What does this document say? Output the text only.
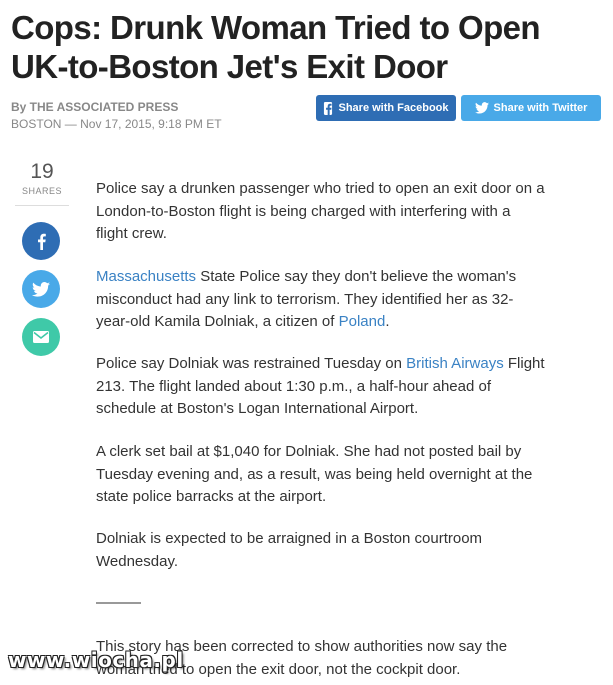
Cops: Drunk Woman Tried to Open UK-to-Boston Jet's Exit Door
By THE ASSOCIATED PRESS
BOSTON — Nov 17, 2015, 9:18 PM ET
Share with Facebook	Share with Twitter
19
SHARES Police say a drunken passenger who tried to open an exit door on a London-to-Boston flight is being charged with interfering with a flight crew.

Massachusetts State Police say they don't believe the woman's misconduct had any link to terrorism. They identified her as 32-year-old Kamila Dolniak, a citizen of Poland.

Police say Dolniak was restrained Tuesday on British Airways Flight 213. The flight landed about 1:30 p.m., a half-hour ahead of schedule at Boston's Logan International Airport.

A clerk set bail at $1,040 for Dolniak. She had not posted bail by Tuesday evening and, as a result, was being held overnight at the state police barracks at the airport.

Dolniak is expected to be arraigned in a Boston courtroom Wednesday.

———

This story has been corrected to show authorities now say the woman tried to open the exit door, not the cockpit door.

www.wiocha.pl
